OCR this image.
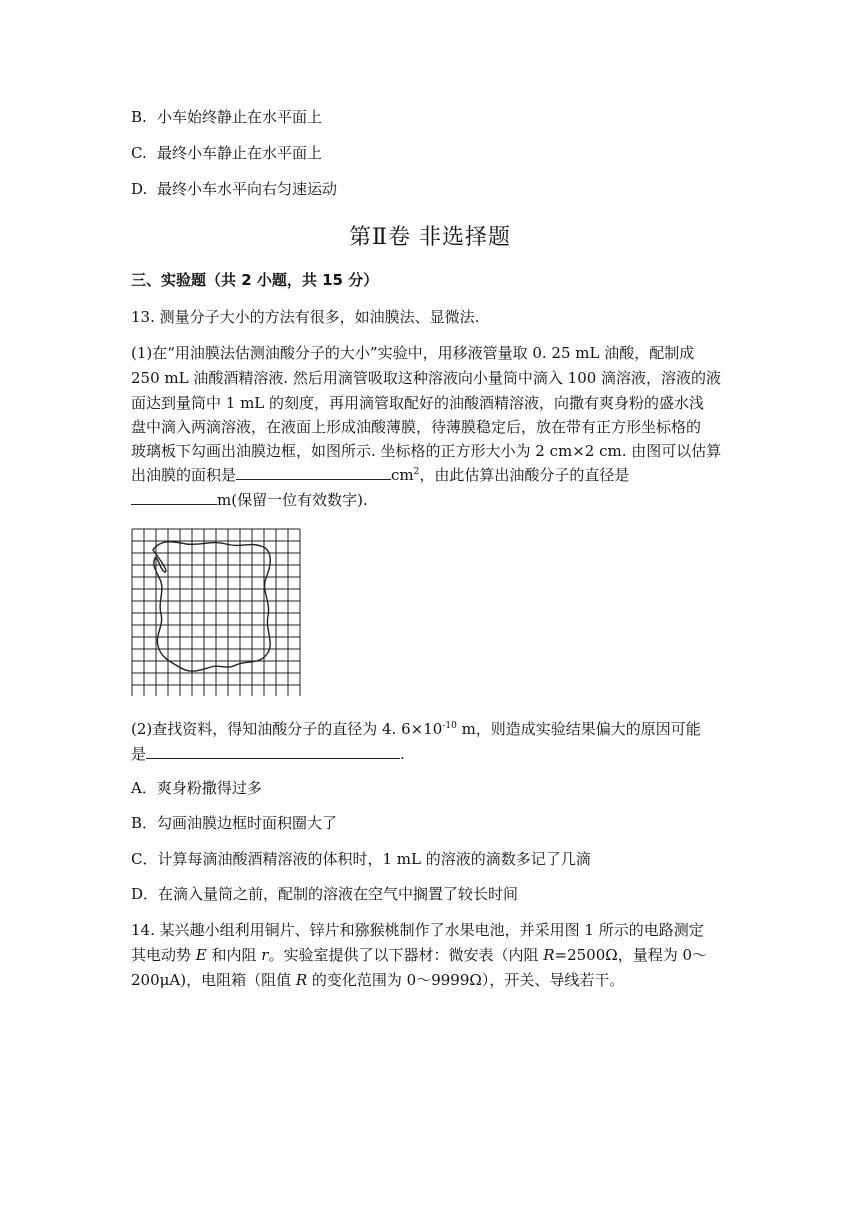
B. 小车始终静止在水平面上
C. 最终小车静止在水平面上
D. 最终小车水平向右匀速运动
第Ⅱ卷 非选择题
三、实验题（共 2 小题，共 15 分）
13. 测量分子大小的方法有很多，如油膜法、显微法.
(1)在“用油膜法估测油酸分子的大小”实验中，用移液管量取 0. 25 mL 油酸，配制成
250 mL 油酸酒精溶液. 然后用滴管吸取这种溶液向小量筒中滴入 100 滴溶液，溶液的液
面达到量筒中 1 mL 的刻度，再用滴管取配好的油酸酒精溶液，向撒有爽身粉的盛水浅
盘中滴入两滴溶液，在液面上形成油酸薄膜，待薄膜稳定后，放在带有正方形坐标格的
玻璃板下勾画出油膜边框，如图所示. 坐标格的正方形大小为 2 cm×2 cm. 由图可以估算
出油膜的面积是	$cm^2$，由此估算出油酸分子的直径是
m(保留一位有效数字).
(2)查找资料，得知油酸分子的直径为 4. $6\times 10^{-10}$ m，则造成实验结果偏大的原因可能
是	.
A．爽身粉撒得过多
B．勾画油膜边框时面积圈大了
C．计算每滴油酸酒精溶液的体积时，1 mL 的溶液的滴数多记了几滴
D．在滴入量筒之前，配制的溶液在空气中搁置了较长时间
14. 某兴趣小组利用铜片、锌片和猕猴桃制作了水果电池，并采用图 1 所示的电路测定
其电动势 E 和内阻 r。实验室提供了以下器材：微安表（内阻 R=2500Ω，量程为 0～
200μA)，电阻箱（阻值 R 的变化范围为 0～9999Ω），开关、导线若干。
